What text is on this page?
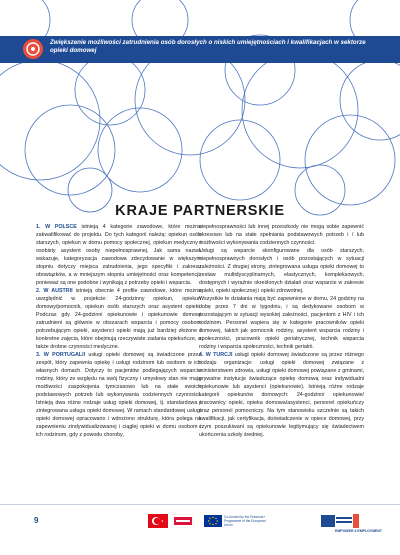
Zwiększenie możliwości zatrudnienia osób dorosłych o niskich umiejętnościach i kwalifikacjach w sektorze opieki domowej
KRAJE PARTNERSKIE

1. W POLSCE istnieją 4 kategorie zawodowe, które można zakwalifikować do projektu. Do tych kategorii należą: opiekun osób starszych, opiekun w domu pomocy społecznej, opiekun medyczny i osobisty asystent osoby niepełnosprawnej. Jak sama nazwa wskazuje, kategoryzacja zawodowa zdecydowanie w większym stopniu dotyczy miejsca zatrudnienia, jego specyfiki i zakresu obowiązków, a w mniejszym stopniu umiejętności oraz kompetencji, ponieważ są one podobne i wynikają z potrzeby opieki i wsparcia.

2. W AUSTRII istnieją obecnie 4 profile zawodowe, które można uwzględnić w projekcie: 24-godzinny opiekun, opiekun domowy/pomocnik, opiekun osób starszych oraz asystent opieki. Podczas gdy 24-godzinni opiekunowie i opiekunowie domowi zatrudnieni są głównie w obszarach wsparcia i pomocy osobom potrzebującym opieki, asystenci opieki mają już bardziej złożone i konkretne zajęcia, które obejmują rzeczywiste zadania opiekuńcze, a także drobne czynności medyczne.

3. W PORTUGALII usługi opieki domowej są świadczone przez zespół, który zapewnia opiekę i usługi rodzinom lub osobom w ich własnych domach. Dotyczy to pacjentów podlegających wsparciu rodziny, który ze względu na swój fizyczny i umysłowy stan nie mają możliwości zaspokojenia tymczasowo lub na stałe swoich podstawowych potrzeb lub wykonywania codziennych czynności. Istnieją dwa różne rodzaje usług opieki domowej, tj. standardowa i zintegrowana usługa opieki domowej. W ramach standardowej usługi opieki domowej opracowano i wdrożono strukturę, która polega na zapewnieniu zindywidualizowanej i ciągłej opieki w domu osobom i ich rodzinom, gdy z powodu choroby,

niepełnosprawności lub innej przeszkody nie mogą sobie zapewnić okresowo lub na stałe spełniania podstawowych potrzeb i / lub możliwości wykonywania codziennych czynności.

Usługi są wsparcie skonfigurowane dla osób starszych, niepełnosprawnych dorosłych i osób pozostających w sytuacji zależności. Z drugiej strony, zintegrowana usługa opieki domowej to zestaw multidyscyplinarnych, elastycznych, kompleksowych, dostępnych i wyraźnie określonych działań oraz wsparcie w zakresie opieki, opieki społecznej i opieki zdrowotnej.

Wszystkie te działania mają być zapewnione w domu, 24 godziny na dobę przez 7 dni w tygodniu, i są dedykowane osobom w pozostającym w sytuacji wysokiej zależności, pacjentom z HIV i ich rodzinom. Personel wspiera się w kategorie pracowników opieki domowej, takich jak pomocnik rodziny, asystent wsparcia rodziny i społeczności, pracownik opieki geriatrycznej, technik wsparcia rodziny i wsparcia społeczności, technik geriatrii.

4. W TURCJI usługi opieki domowej świadczone są przez różnego rodzaju organizacje: usługi opieki domowej związane z ministerstwem zdrowia, usługi opieki domowej powiązane z gminami, prywatne instytucje świadczące opiekę domową oraz indywidualni opiekunowie lub asystenci (opiekunowie). Istnieją różne rodzaje kategorii opiekunów domowych: 24-godzinni opiekunowie/ pracownicy opieki, opieka domowa/asystenci, personel opiekuńczy oraz personel pomocniczy. Na tym stanowisku szczelnie są takich kwalifikacji, jak certyfikacja, doświadczenie w opiece domowej, przy czym poszukiwani są opiekunowie legitymujący się świadectwem ukończenia szkoły średniej.

9	Co-funded by the Erasmus+ Programme of the European Union
EMPOWER 4 EMPLOYMENT
